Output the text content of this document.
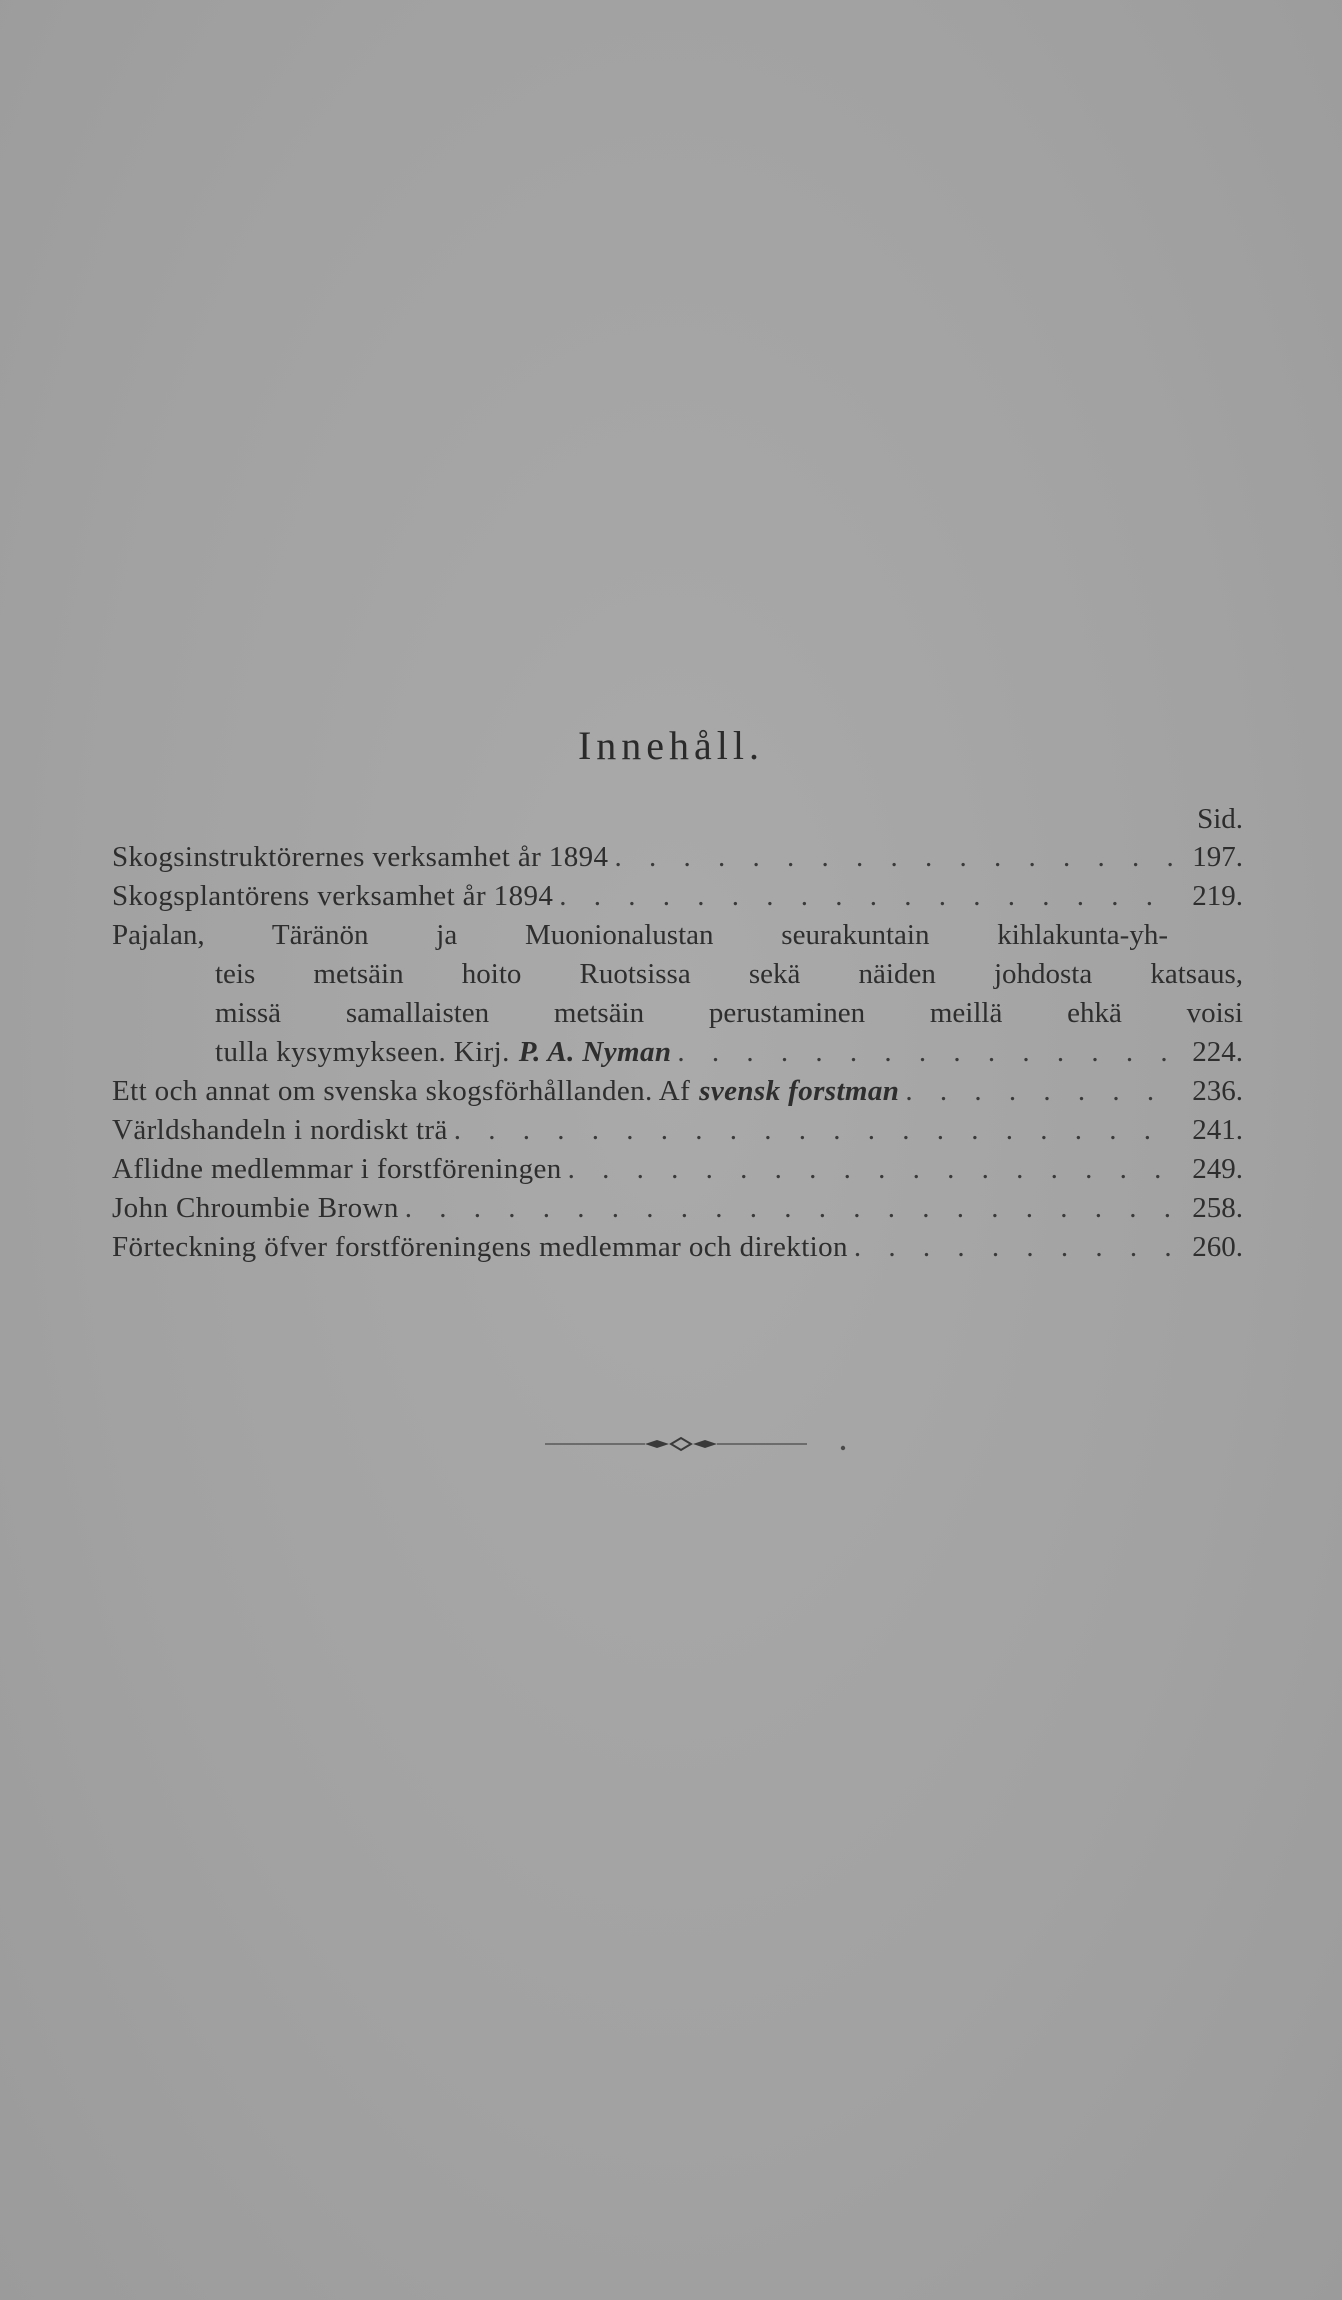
Innehåll.
Sid.
Skogsinstruktörernes verksamhet år 1894 . . .	197.
Skogsplantörens verksamhet år 1894 . . .	219.
Pajalan, Täränön ja Muonionalustan seurakuntain kihlakunta-yh-
teis metsäin hoito Ruotsissa sekä näiden johdosta katsaus,
missä samallaisten metsäin perustaminen meillä ehkä voisi
tulla kysymykseen. Kirj. P. A. Nyman . . .	224.
Ett och annat om svenska skogsförhållanden. Af svensk forstman . . .	236.
Världshandeln i nordiskt trä . . .	241.
Aflidne medlemmar i forstföreningen . . .	249.
John Chroumbie Brown . . .	258.
Förteckning öfver forstföreningens medlemmar och direktion . . .	260.
